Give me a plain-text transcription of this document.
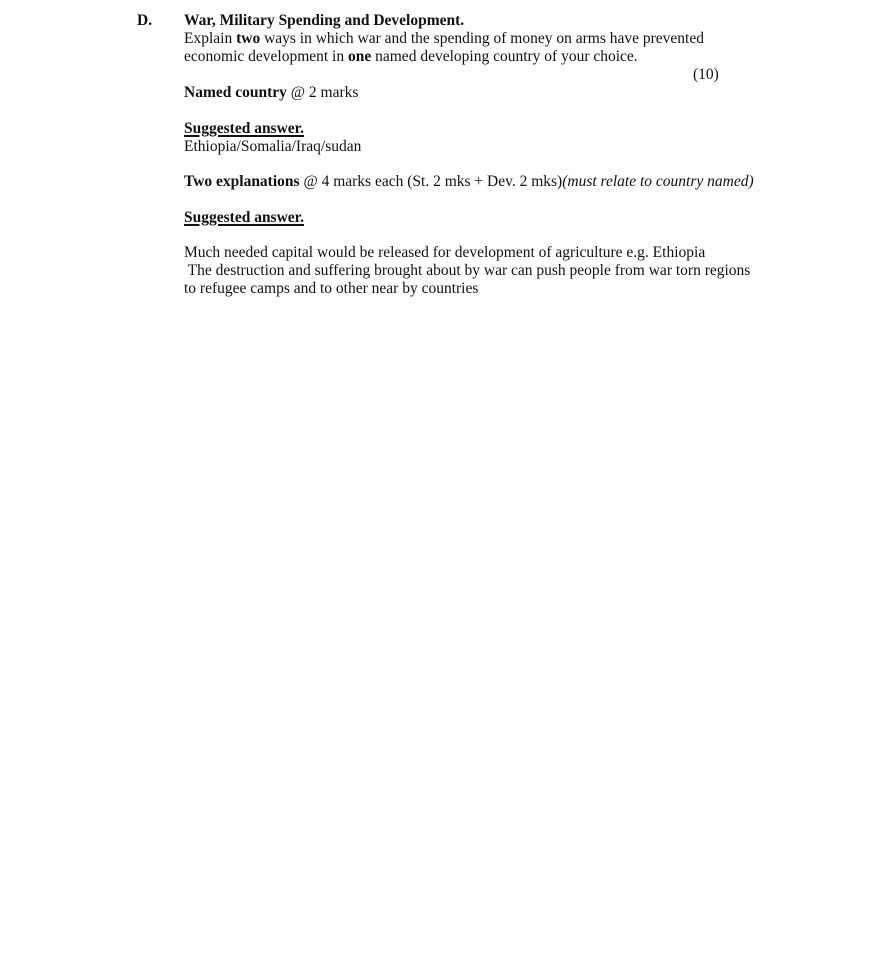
D. War, Military Spending and Development.
Explain two ways in which war and the spending of money on arms have prevented
economic development in one named developing country of your choice.
(10)
Named country @ 2 marks
Suggested answer.
Ethiopia/Somalia/Iraq/sudan
Two explanations @ 4 marks each (St. 2 mks + Dev. 2 mks)(must relate to country named)
Suggested answer.
Much needed capital would be released for development of agriculture e.g. Ethiopia
The destruction and suffering brought about by war can push people from war torn regions
to refugee camps and to other near by countries
